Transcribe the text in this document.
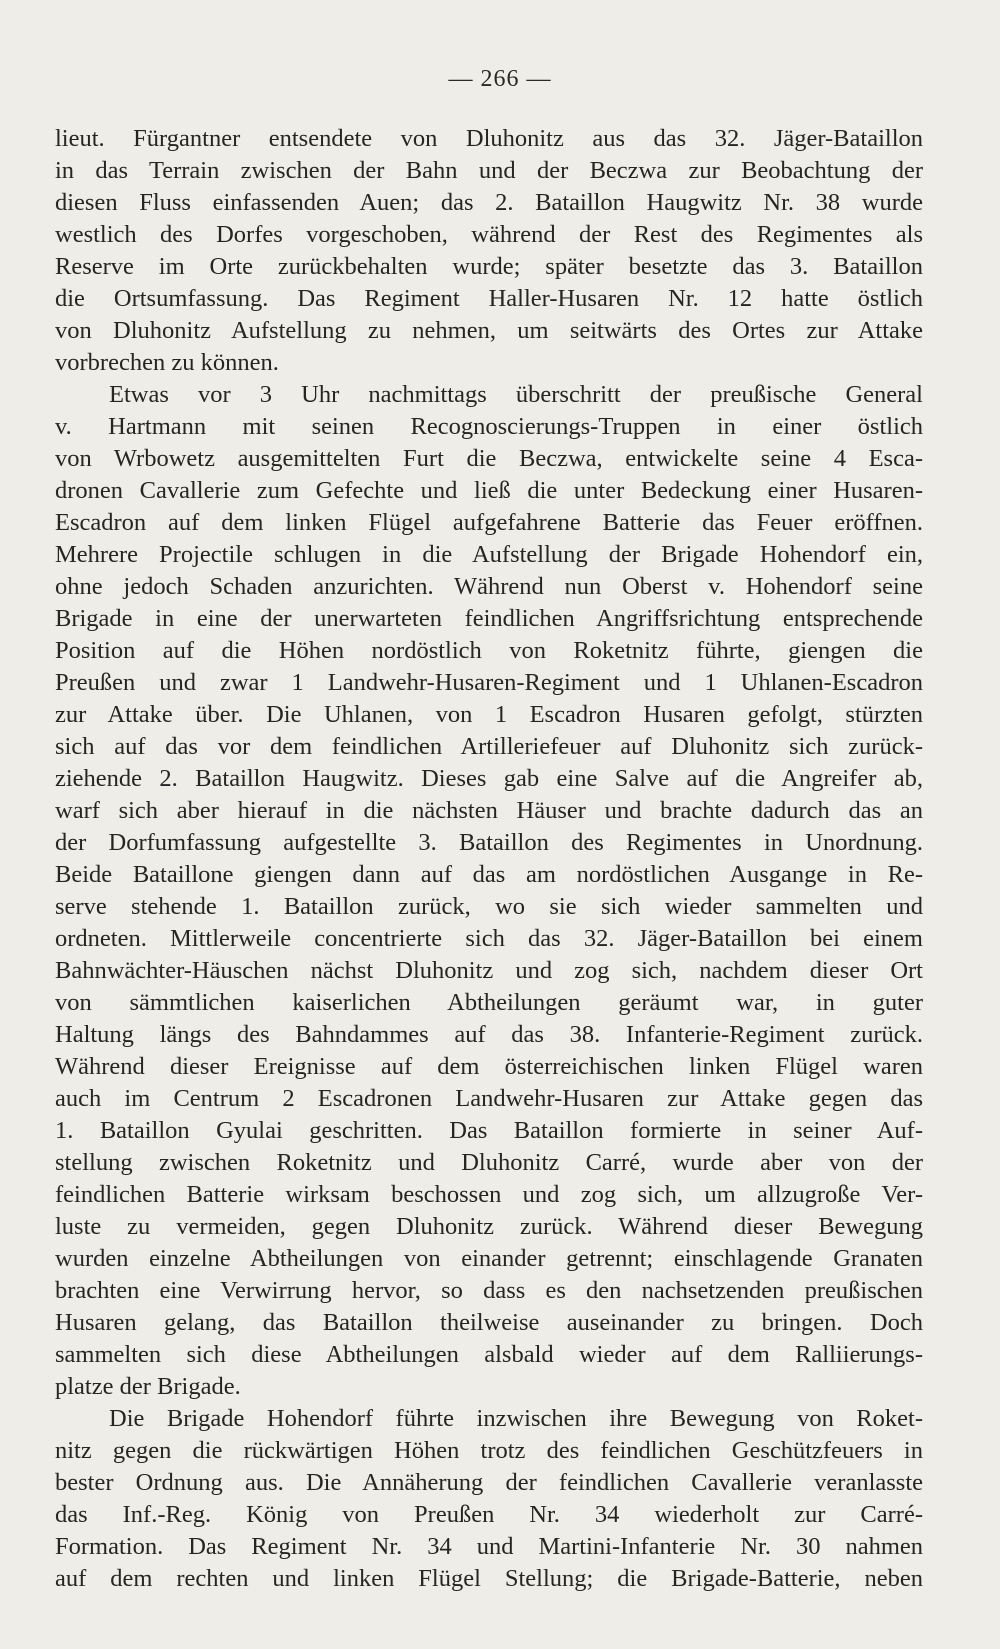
— 266 —
lieut. Fürgantner entsendete von Dluhonitz aus das 32. Jäger-Bataillon
in das Terrain zwischen der Bahn und der Beczwa zur Beobachtung der
diesen Fluss einfassenden Auen; das 2. Bataillon Haugwitz Nr. 38 wurde
westlich des Dorfes vorgeschoben, während der Rest des Regimentes als
Reserve im Orte zurückbehalten wurde; später besetzte das 3. Bataillon
die Ortsumfassung. Das Regiment Haller-Husaren Nr. 12 hatte östlich
von Dluhonitz Aufstellung zu nehmen, um seitwärts des Ortes zur Attake
vorbrechen zu können.
Etwas vor 3 Uhr nachmittags überschritt der preußische General
v. Hartmann mit seinen Recognoscierungs-Truppen in einer östlich
von Wrbowetz ausgemittelten Furt die Beczwa, entwickelte seine 4 Esca-
dronen Cavallerie zum Gefechte und ließ die unter Bedeckung einer Husaren-
Escadron auf dem linken Flügel aufgefahrene Batterie das Feuer eröffnen.
Mehrere Projectile schlugen in die Aufstellung der Brigade Hohendorf ein,
ohne jedoch Schaden anzurichten. Während nun Oberst v. Hohendorf seine
Brigade in eine der unerwarteten feindlichen Angriffsrichtung entsprechende
Position auf die Höhen nordöstlich von Roketnitz führte, giengen die
Preußen und zwar 1 Landwehr-Husaren-Regiment und 1 Uhlanen-Escadron
zur Attake über. Die Uhlanen, von 1 Escadron Husaren gefolgt, stürzten
sich auf das vor dem feindlichen Artilleriefeuer auf Dluhonitz sich zurück-
ziehende 2. Bataillon Haugwitz. Dieses gab eine Salve auf die Angreifer ab,
warf sich aber hierauf in die nächsten Häuser und brachte dadurch das an
der Dorfumfassung aufgestellte 3. Bataillon des Regimentes in Unordnung.
Beide Bataillone giengen dann auf das am nordöstlichen Ausgange in Re-
serve stehende 1. Bataillon zurück, wo sie sich wieder sammelten und
ordneten. Mittlerweile concentrierte sich das 32. Jäger-Bataillon bei einem
Bahnwächter-Häuschen nächst Dluhonitz und zog sich, nachdem dieser Ort
von sämmtlichen kaiserlichen Abtheilungen geräumt war, in guter
Haltung längs des Bahndammes auf das 38. Infanterie-Regiment zurück.
Während dieser Ereignisse auf dem österreichischen linken Flügel waren
auch im Centrum 2 Escadronen Landwehr-Husaren zur Attake gegen das
1. Bataillon Gyulai geschritten. Das Bataillon formierte in seiner Auf-
stellung zwischen Roketnitz und Dluhonitz Carré, wurde aber von der
feindlichen Batterie wirksam beschossen und zog sich, um allzugroße Ver-
luste zu vermeiden, gegen Dluhonitz zurück. Während dieser Bewegung
wurden einzelne Abtheilungen von einander getrennt; einschlagende Granaten
brachten eine Verwirrung hervor, so dass es den nachsetzenden preußischen
Husaren gelang, das Bataillon theilweise auseinander zu bringen. Doch
sammelten sich diese Abtheilungen alsbald wieder auf dem Ralliierungs-
platze der Brigade.
Die Brigade Hohendorf führte inzwischen ihre Bewegung von Roket-
nitz gegen die rückwärtigen Höhen trotz des feindlichen Geschützfeuers in
bester Ordnung aus. Die Annäherung der feindlichen Cavallerie veranlasste
das Inf.-Reg. König von Preußen Nr. 34 wiederholt zur Carré-
Formation. Das Regiment Nr. 34 und Martini-Infanterie Nr. 30 nahmen
auf dem rechten und linken Flügel Stellung; die Brigade-Batterie, neben
